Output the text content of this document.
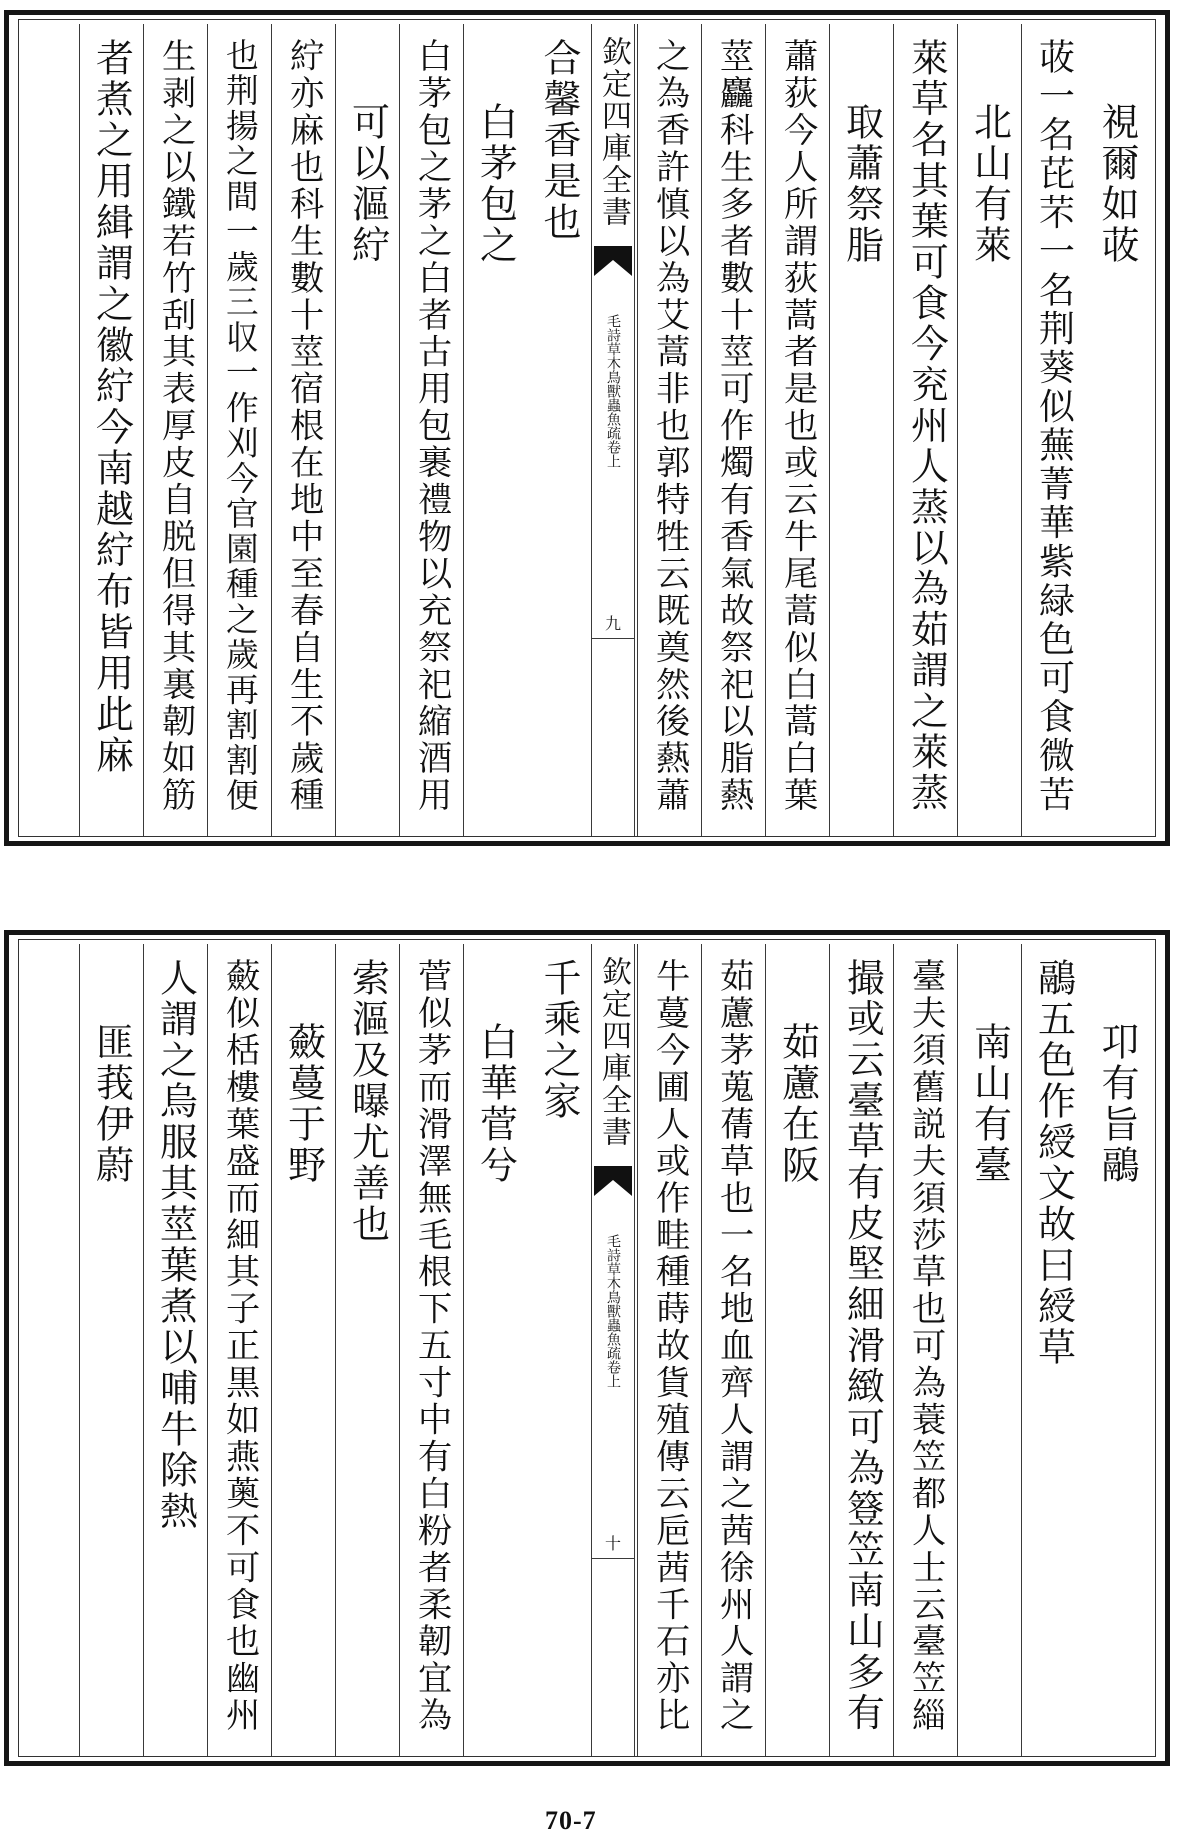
視爾如荍
荍一名芘芣一名荆葵似蕪菁華紫緑色可食微苦
北山有萊
萊草名其葉可食今兖州人蒸以為茹謂之萊蒸
取蕭祭脂
蕭荻今人所謂荻蒿者是也或云牛尾蒿似白蒿白葉
莖麤科生多者數十莖可作燭有香氣故祭祀以脂爇
之為香許慎以為艾蒿非也郭特牲云既奠然後爇蕭
欽定四庫全書
毛詩草木鳥獸蟲魚疏卷上
九
合馨香是也
白茅包之
白茅包之茅之白者古用包裹禮物以充祭祀縮酒用
可以漚紵
紵亦麻也科生數十莖宿根在地中至春自生不歲種
也荆揚之間一歲三収一作刈今官園種之歲再割割便
生剥之以鐵若竹刮其表厚皮自脱但得其裏韌如筋
者煮之用緝謂之徽紵今南越紵布皆用此麻
卭有旨鷊
鷊五色作綬文故曰綬草
南山有臺
臺夫須舊説夫須莎草也可為蓑笠都人士云臺笠緇
撮或云臺草有皮堅細滑緻可為簦笠南山多有
茹藘在阪
茹藘茅蒐蒨草也一名地血齊人謂之茜徐州人謂之
牛蔓今圃人或作畦種蒔故貨殖傳云巵茜千石亦比
欽定四庫全書
毛詩草木鳥獸蟲魚疏卷上
十
千乘之家
白華菅兮
菅似茅而滑澤無毛根下五寸中有白粉者柔韌宜為
索漚及曝尤善也
蘞蔓于野
蘞似栝樓葉盛而細其子正黒如燕薁不可食也幽州
人謂之烏服其莖葉煮以哺牛除熱
匪莪伊蔚
70-7
